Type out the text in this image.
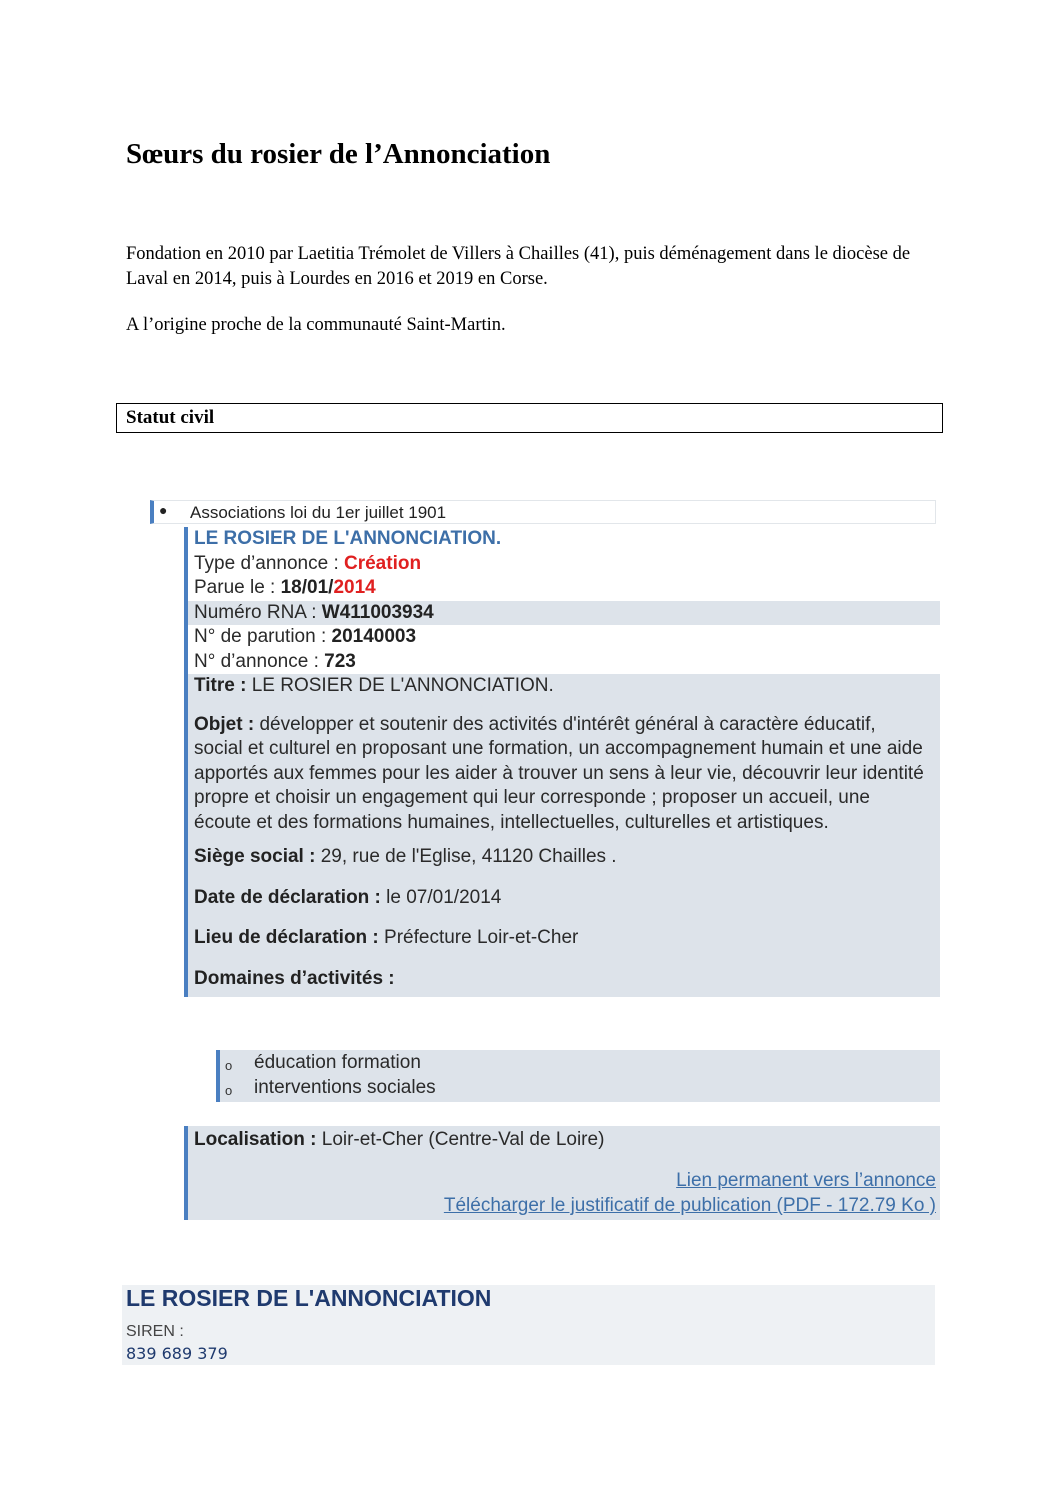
Sœurs du rosier de l’Annonciation

Fondation en 2010 par Laetitia Trémolet de Villers à Chailles (41), puis déménagement dans le diocèse de Laval en 2014, puis à Lourdes en 2016 et 2019 en Corse.

A l’origine proche de la communauté Saint-Martin.

Statut civil
● Associations loi du 1er juillet 1901
LE ROSIER DE L'ANNONCIATION.
Type d’annonce : Création
Parue le : 18/01/2014
Numéro RNA : W411003934
N° de parution : 20140003
N° d’annonce : 723
Titre : LE ROSIER DE L'ANNONCIATION.
Objet : développer et soutenir des activités d'intérêt général à caractère éducatif, social et culturel en proposant une formation, un accompagnement humain et une aide apportés aux femmes pour les aider à trouver un sens à leur vie, découvrir leur identité propre et choisir un engagement qui leur corresponde ; proposer un accueil, une écoute et des formations humaines, intellectuelles, culturelles et artistiques.
Siège social : 29, rue de l'Eglise, 41120 Chailles .
Date de déclaration : le 07/01/2014
Lieu de déclaration : Préfecture Loir-et-Cher
Domaines d’activités :
o éducation formation
o interventions sociales
Localisation : Loir-et-Cher (Centre-Val de Loire)
Lien permanent vers l’annonce
Télécharger le justificatif de publication (PDF - 172.79 Ko )
LE ROSIER DE L'ANNONCIATION
SIREN :
839 689 379
